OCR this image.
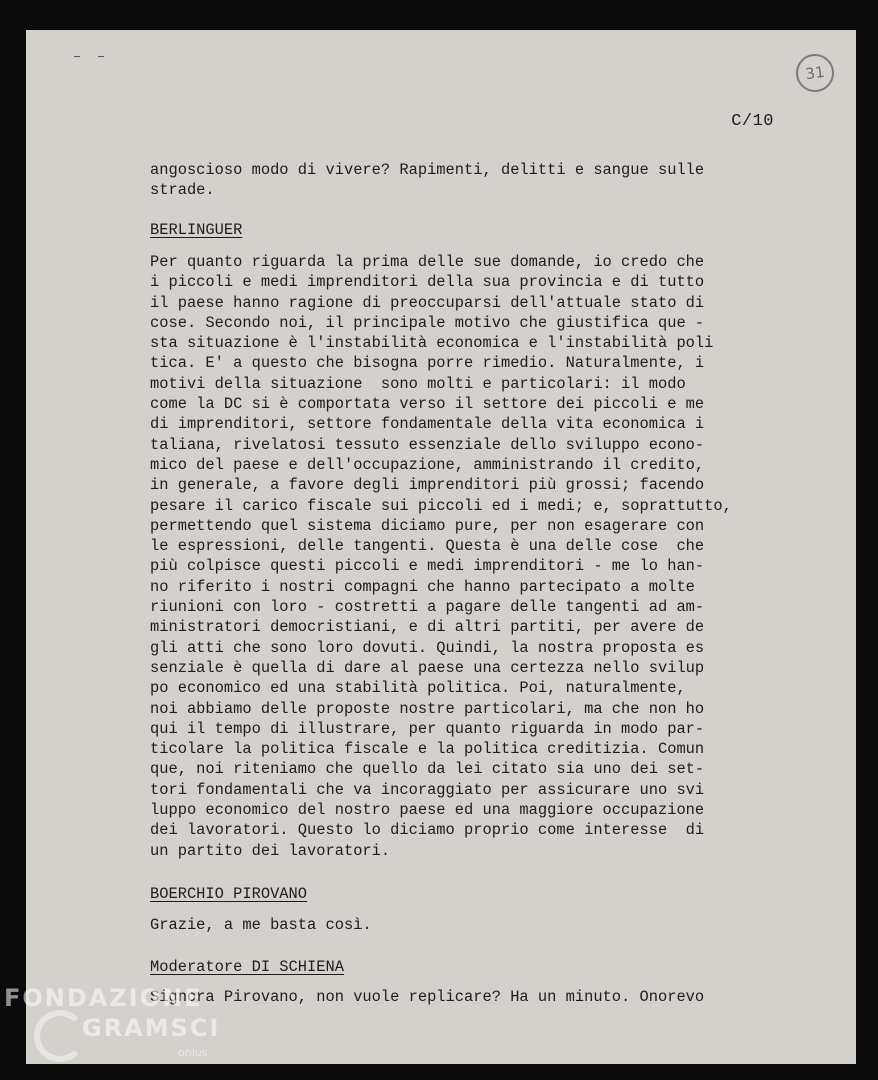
31
C/10
angoscioso modo di vivere? Rapimenti, delitti e sangue sulle
strade.
BERLINGUER
Per quanto riguarda la prima delle sue domande, io credo che
i piccoli e medi imprenditori della sua provincia e di tutto
il paese hanno ragione di preoccuparsi dell'attuale stato di
cose. Secondo noi, il principale motivo che giustifica que -
sta situazione è l'instabilità economica e l'instabilità poli
tica. E' a questo che bisogna porre rimedio. Naturalmente, i
motivi della situazione  sono molti e particolari: il modo
come la DC si è comportata verso il settore dei piccoli e me
di imprenditori, settore fondamentale della vita economica i
taliana, rivelatosi tessuto essenziale dello sviluppo econo-
mico del paese e dell'occupazione, amministrando il credito,
in generale, a favore degli imprenditori più grossi; facendo
pesare il carico fiscale sui piccoli ed i medi; e, soprattutto,
permettendo quel sistema diciamo pure, per non esagerare con
le espressioni, delle tangenti. Questa è una delle cose  che
più colpisce questi piccoli e medi imprenditori - me lo han-
no riferito i nostri compagni che hanno partecipato a molte
riunioni con loro - costretti a pagare delle tangenti ad am-
ministratori democristiani, e di altri partiti, per avere de
gli atti che sono loro dovuti. Quindi, la nostra proposta es
senziale è quella di dare al paese una certezza nello svilup
po economico ed una stabilità politica. Poi, naturalmente,
noi abbiamo delle proposte nostre particolari, ma che non ho
qui il tempo di illustrare, per quanto riguarda in modo par-
ticolare la politica fiscale e la politica creditizia. Comun
que, noi riteniamo che quello da lei citato sia uno dei set-
tori fondamentali che va incoraggiato per assicurare uno svi
luppo economico del nostro paese ed una maggiore occupazione
dei lavoratori. Questo lo diciamo proprio come interesse  di
un partito dei lavoratori.
BOERCHIO PIROVANO
Grazie, a me basta così.
Moderatore DI SCHIENA
Signora Pirovano, non vuole replicare? Ha un minuto. Onorevo
FONDAZIONE
GRAMSCI
onlus
